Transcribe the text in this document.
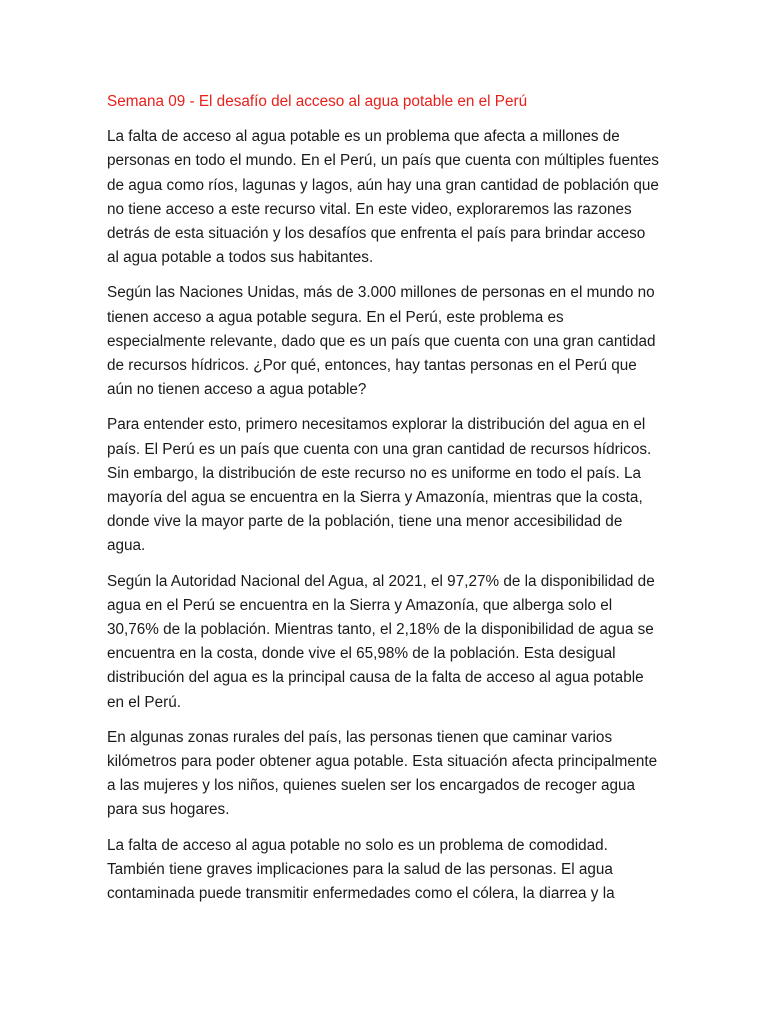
Semana 09 - El desafío del acceso al agua potable en el Perú

La falta de acceso al agua potable es un problema que afecta a millones de personas en todo el mundo. En el Perú, un país que cuenta con múltiples fuentes de agua como ríos, lagunas y lagos, aún hay una gran cantidad de población que no tiene acceso a este recurso vital. En este video, exploraremos las razones detrás de esta situación y los desafíos que enfrenta el país para brindar acceso al agua potable a todos sus habitantes.

Según las Naciones Unidas, más de 3.000 millones de personas en el mundo no tienen acceso a agua potable segura. En el Perú, este problema es especialmente relevante, dado que es un país que cuenta con una gran cantidad de recursos hídricos. ¿Por qué, entonces, hay tantas personas en el Perú que aún no tienen acceso a agua potable?

Para entender esto, primero necesitamos explorar la distribución del agua en el país. El Perú es un país que cuenta con una gran cantidad de recursos hídricos. Sin embargo, la distribución de este recurso no es uniforme en todo el país. La mayoría del agua se encuentra en la Sierra y Amazonía, mientras que la costa, donde vive la mayor parte de la población, tiene una menor accesibilidad de agua.

Según la Autoridad Nacional del Agua, al 2021, el 97,27% de la disponibilidad de agua en el Perú se encuentra en la Sierra y Amazonía, que alberga solo el 30,76% de la población. Mientras tanto, el 2,18% de la disponibilidad de agua se encuentra en la costa, donde vive el 65,98% de la población. Esta desigual distribución del agua es la principal causa de la falta de acceso al agua potable en el Perú.

En algunas zonas rurales del país, las personas tienen que caminar varios kilómetros para poder obtener agua potable. Esta situación afecta principalmente a las mujeres y los niños, quienes suelen ser los encargados de recoger agua para sus hogares.

La falta de acceso al agua potable no solo es un problema de comodidad. También tiene graves implicaciones para la salud de las personas. El agua contaminada puede transmitir enfermedades como el cólera, la diarrea y la
